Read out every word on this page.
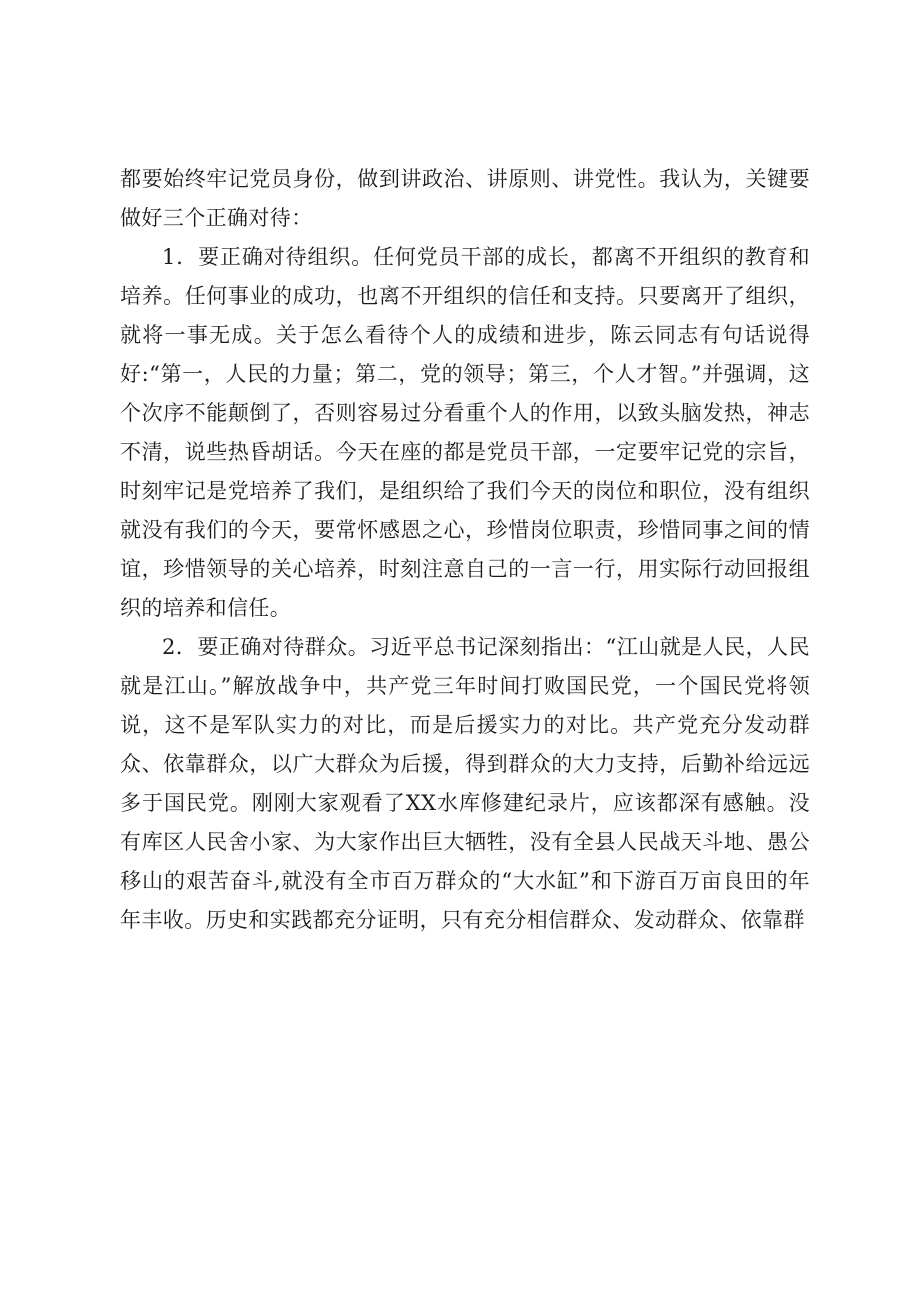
都要始终牢记党员身份，做到讲政治、讲原则、讲党性。我认为，关键要做好三个正确对待：

1．要正确对待组织。任何党员干部的成长，都离不开组织的教育和培养。任何事业的成功，也离不开组织的信任和支持。只要离开了组织，就将一事无成。关于怎么看待个人的成绩和进步，陈云同志有句话说得好:“第一，人民的力量；第二，党的领导；第三，个人才智。”并强调，这个次序不能颠倒了，否则容易过分看重个人的作用，以致头脑发热，神志不清，说些热昏胡话。今天在座的都是党员干部，一定要牢记党的宗旨，时刻牢记是党培养了我们，是组织给了我们今天的岗位和职位，没有组织就没有我们的今天，要常怀感恩之心，珍惜岗位职责，珍惜同事之间的情谊，珍惜领导的关心培养，时刻注意自己的一言一行，用实际行动回报组织的培养和信任。

2．要正确对待群众。习近平总书记深刻指出：“江山就是人民，人民就是江山。”解放战争中，共产党三年时间打败国民党，一个国民党将领说，这不是军队实力的对比，而是后援实力的对比。共产党充分发动群众、依靠群众，以广大群众为后援，得到群众的大力支持，后勤补给远远多于国民党。刚刚大家观看了XX水库修建纪录片，应该都深有感触。没有库区人民舍小家、为大家作出巨大牺牲，没有全县人民战天斗地、愚公移山的艰苦奋斗,就没有全市百万群众的“大水缸”和下游百万亩良田的年年丰收。历史和实践都充分证明，只有充分相信群众、发动群众、依靠群
